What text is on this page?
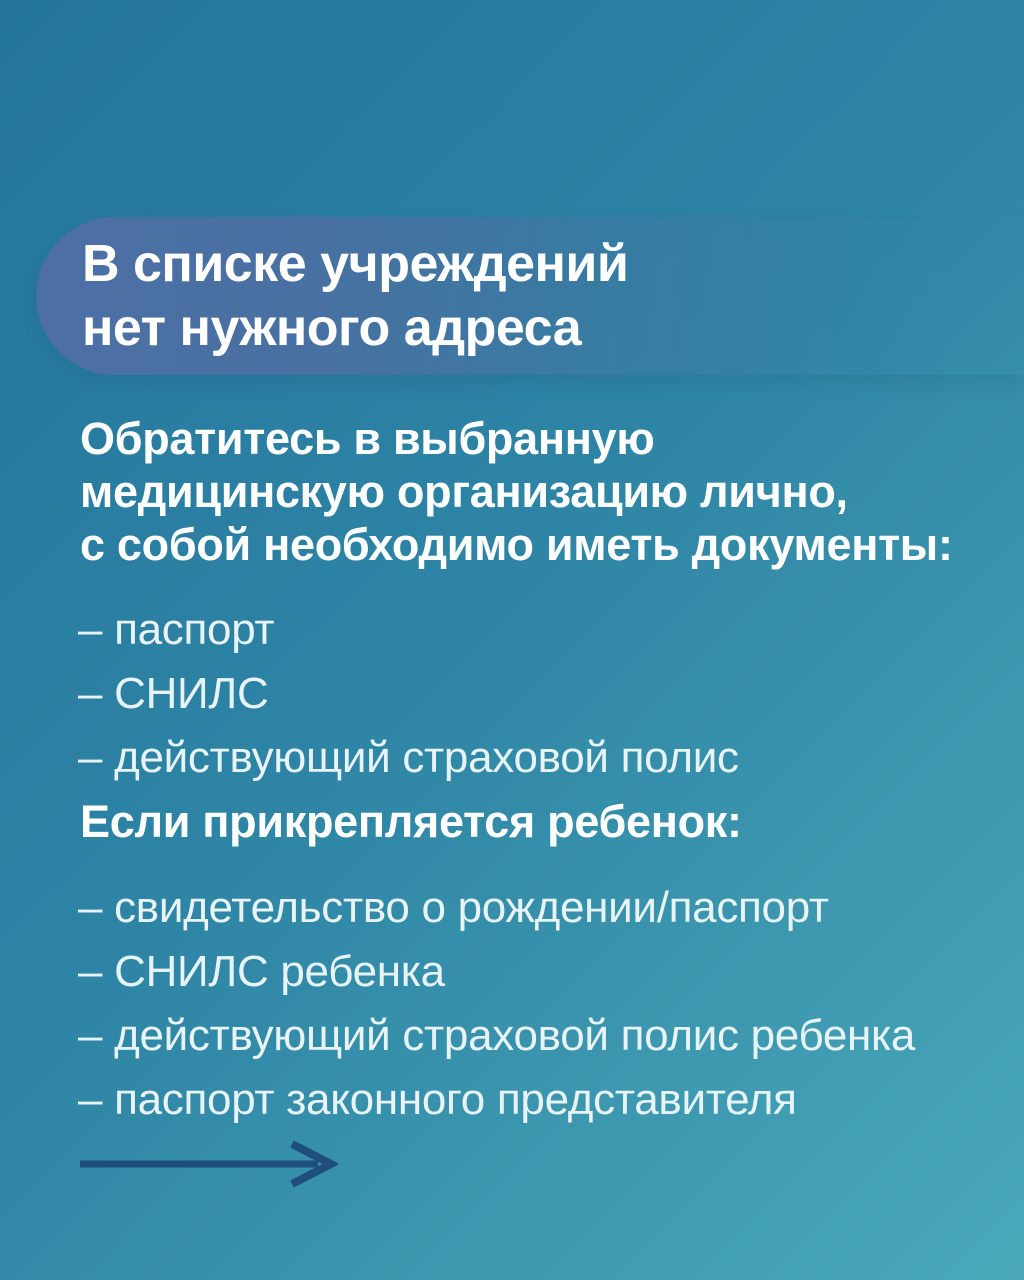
В списке учреждений
нет нужного адреса
Обратитесь в выбранную
медицинскую организацию лично,
с собой необходимо иметь документы:
– паспорт
– СНИЛС
– действующий страховой полис
Если прикрепляется ребенок:
– свидетельство о рождении/паспорт
– СНИЛС ребенка
– действующий страховой полис ребенка
– паспорт законного представителя
